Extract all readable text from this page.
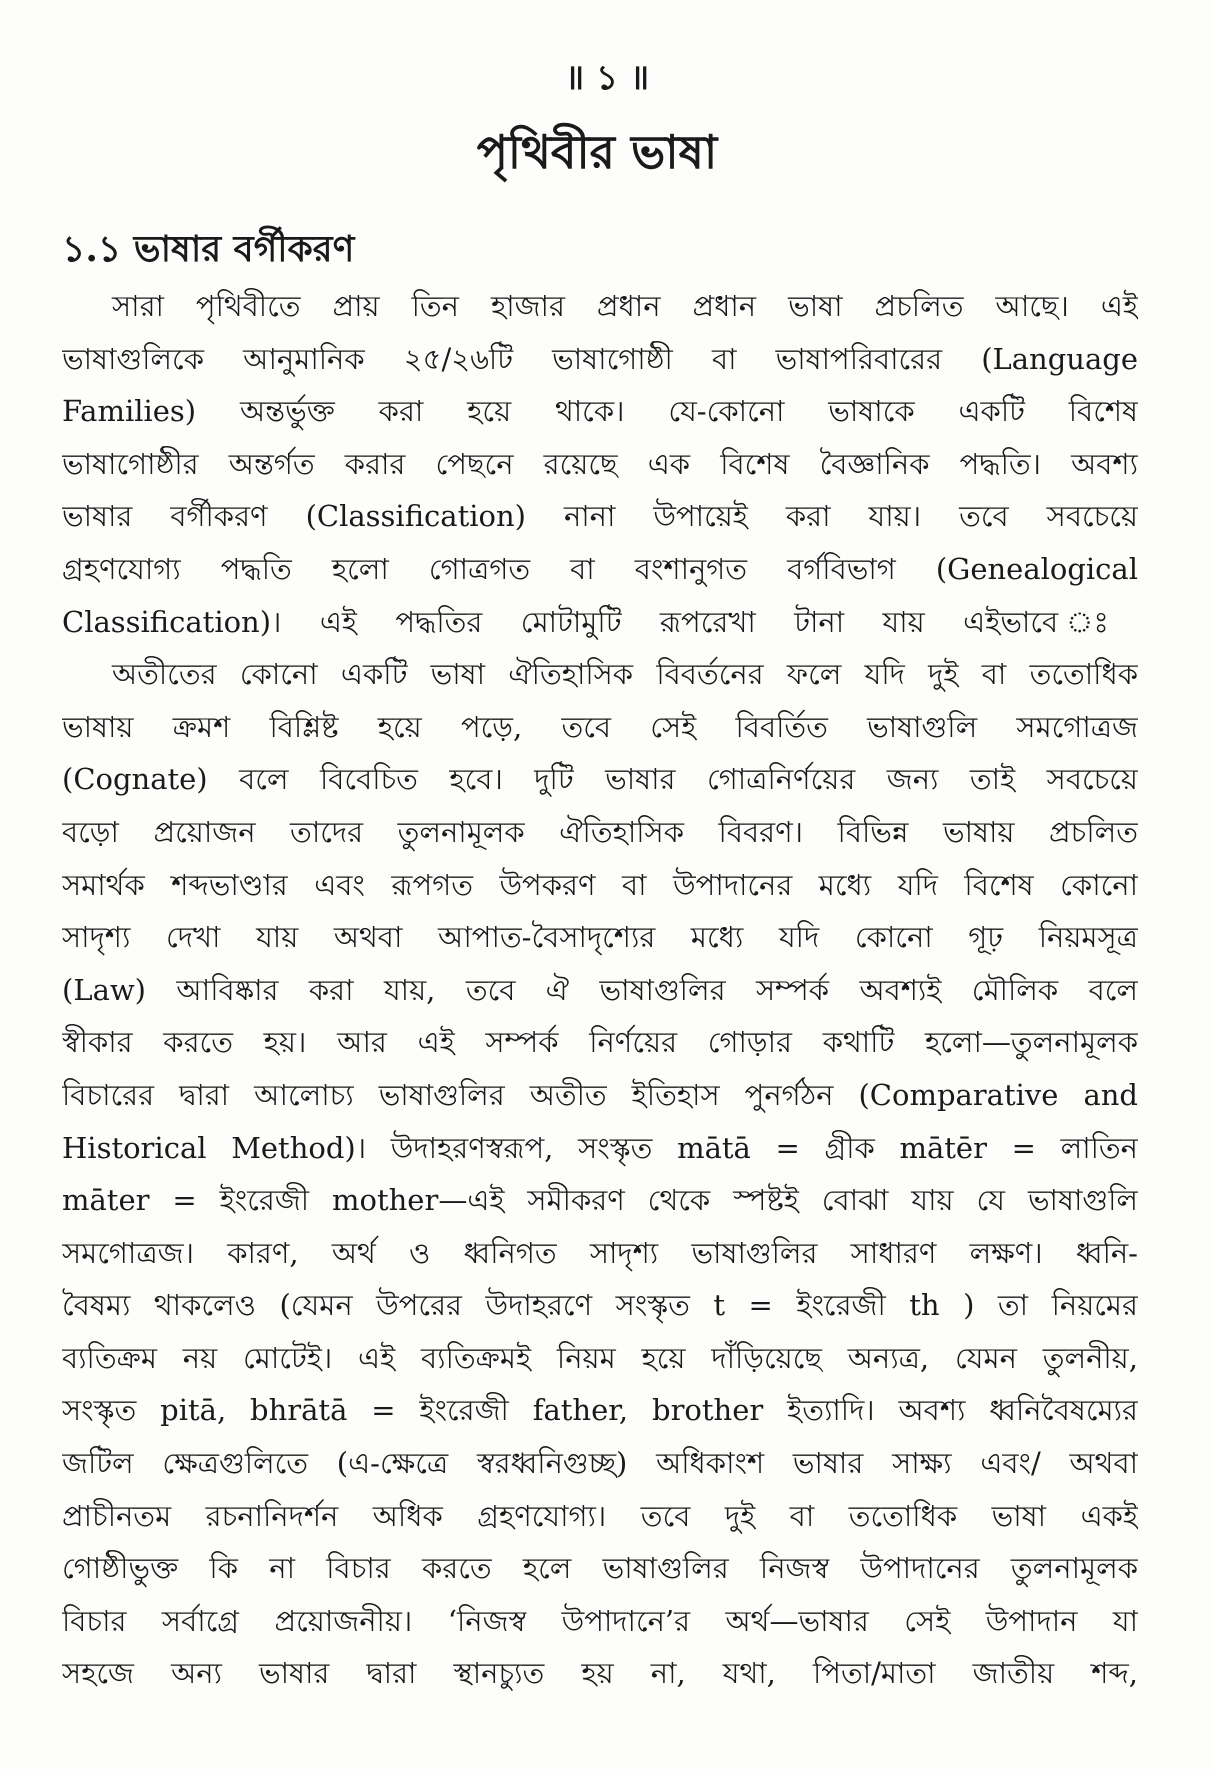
॥ ১ ॥
পৃথিবীর ভাষা
১.১ ভাষার বর্গীকরণ
সারা পৃথিবীতে প্রায় তিন হাজার প্রধান প্রধান ভাষা প্রচলিত আছে। এই
ভাষাগুলিকে আনুমানিক ২৫/২৬টি ভাষাগোষ্ঠী বা ভাষাপরিবারের (Language
Families) অন্তর্ভুক্ত করা হয়ে থাকে। যে-কোনো ভাষাকে একটি বিশেষ
ভাষাগোষ্ঠীর অন্তর্গত করার পেছনে রয়েছে এক বিশেষ বৈজ্ঞানিক পদ্ধতি। অবশ্য
ভাষার বর্গীকরণ (Classification) নানা উপায়েই করা যায়। তবে সবচেয়ে
গ্রহণযোগ্য পদ্ধতি হলো গোত্রগত বা বংশানুগত বর্গবিভাগ (Genealogical
Classification)। এই পদ্ধতির মোটামুটি রূপরেখা টানা যায় এইভাবে ঃ
অতীতের কোনো একটি ভাষা ঐতিহাসিক বিবর্তনের ফলে যদি দুই বা ততোধিক
ভাষায় ক্রমশ বিশ্লিষ্ট হয়ে পড়ে, তবে সেই বিবর্তিত ভাষাগুলি সমগোত্রজ
(Cognate) বলে বিবেচিত হবে। দুটি ভাষার গোত্রনির্ণয়ের জন্য তাই সবচেয়ে
বড়ো প্রয়োজন তাদের তুলনামূলক ঐতিহাসিক বিবরণ। বিভিন্ন ভাষায় প্রচলিত
সমার্থক শব্দভাণ্ডার এবং রূপগত উপকরণ বা উপাদানের মধ্যে যদি বিশেষ কোনো
সাদৃশ্য দেখা যায় অথবা আপাত-বৈসাদৃশ্যের মধ্যে যদি কোনো গূঢ় নিয়মসূত্র
(Law) আবিষ্কার করা যায়, তবে ঐ ভাষাগুলির সম্পর্ক অবশ্যই মৌলিক বলে
স্বীকার করতে হয়। আর এই সম্পর্ক নির্ণয়ের গোড়ার কথাটি হলো—তুলনামূলক
বিচারের দ্বারা আলোচ্য ভাষাগুলির অতীত ইতিহাস পুনর্গঠন (Comparative and
Historical Method)। উদাহরণস্বরূপ, সংস্কৃত mātā = গ্রীক mātēr = লাতিন
māter = ইংরেজী mother—এই সমীকরণ থেকে স্পষ্টই বোঝা যায় যে ভাষাগুলি
সমগোত্রজ। কারণ, অর্থ ও ধ্বনিগত সাদৃশ্য ভাষাগুলির সাধারণ লক্ষণ। ধ্বনি-
বৈষম্য থাকলেও (যেমন উপরের উদাহরণে সংস্কৃত t = ইংরেজী th ) তা নিয়মের
ব্যতিক্রম নয় মোটেই। এই ব্যতিক্রমই নিয়ম হয়ে দাঁড়িয়েছে অন্যত্র, যেমন তুলনীয়,
সংস্কৃত pitā, bhrātā = ইংরেজী father, brother ইত্যাদি। অবশ্য ধ্বনিবৈষম্যের
জটিল ক্ষেত্রগুলিতে (এ-ক্ষেত্রে স্বরধ্বনিগুচ্ছ) অধিকাংশ ভাষার সাক্ষ্য এবং/ অথবা
প্রাচীনতম রচনানিদর্শন অধিক গ্রহণযোগ্য। তবে দুই বা ততোধিক ভাষা একই
গোষ্ঠীভুক্ত কি না বিচার করতে হলে ভাষাগুলির নিজস্ব উপাদানের তুলনামূলক
বিচার সর্বাগ্রে প্রয়োজনীয়। ‘নিজস্ব উপাদানে’র অর্থ—ভাষার সেই উপাদান যা
সহজে অন্য ভাষার দ্বারা স্থানচ্যুত হয় না, যথা, পিতা/মাতা জাতীয় শব্দ,
